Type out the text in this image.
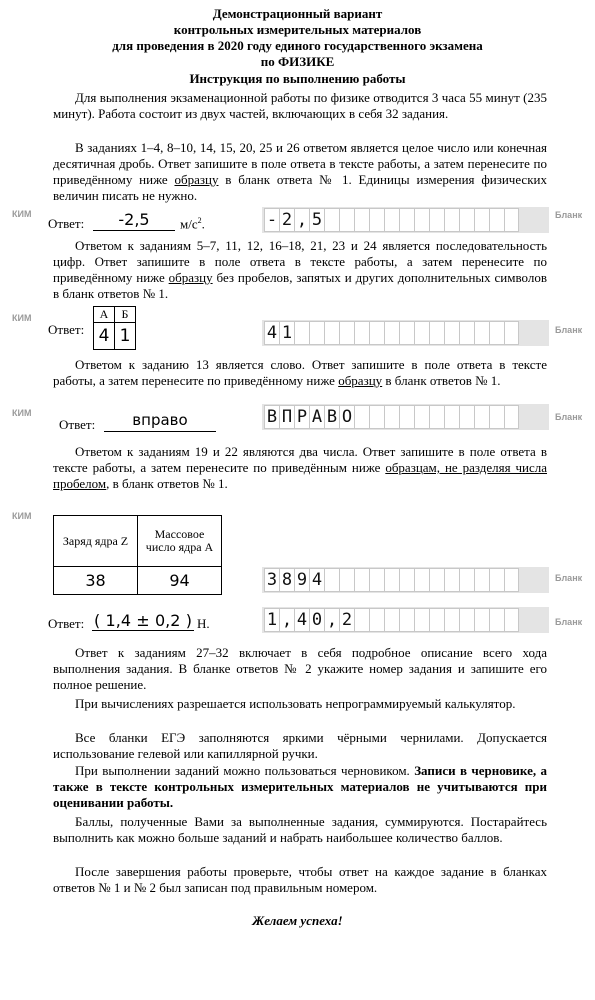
Демонстрационный вариант
контрольных измерительных материалов
для проведения в 2020 году единого государственного экзамена
по ФИЗИКЕ
Инструкция по выполнению работы
Для выполнения экзаменационной работы по физике отводится 3 часа 55 минут (235 минут). Работа состоит из двух частей, включающих в себя 32 задания.
В заданиях 1–4, 8–10, 14, 15, 20, 25 и 26 ответом является целое число или конечная десятичная дробь. Ответ запишите в поле ответа в тексте работы, а затем перенесите по приведённому ниже образцу в бланк ответа № 1. Единицы измерения физических величин писать не нужно.
КИМ
Ответ:	-2,5	$м/с^2$.	- 2 , 5	Бланк
Ответом к заданиям 5–7, 11, 12, 16–18, 21, 23 и 24 является последовательность цифр. Ответ запишите в поле ответа в тексте работы, а затем перенесите по приведённому ниже образцу без пробелов, запятых и других дополнительных символов в бланк ответов № 1.
КИМ
Ответ:
А	Б
4	1	4 1	Бланк
Ответом к заданию 13 является слово. Ответ запишите в поле ответа в тексте работы, а затем перенесите по приведённому ниже образцу в бланк ответов № 1.
КИМ
Ответ:	вправо	В П Р А В О	Бланк
Ответом к заданиям 19 и 22 являются два числа. Ответ запишите в поле ответа в тексте работы, а затем перенесите по приведённым ниже образцам, не разделяя числа пробелом, в бланк ответов № 1.
КИМ
Заряд ядра Z	Массовое число ядра A
38	94	3 8 9 4	Бланк
Ответ: ( 1,4 ± 0,2 ) Н.	1 , 4 0 , 2	Бланк
Ответ к заданиям 27–32 включает в себя подробное описание всего хода выполнения задания. В бланке ответов № 2 укажите номер задания и запишите его полное решение.
При вычислениях разрешается использовать непрограммируемый калькулятор.
Все бланки ЕГЭ заполняются яркими чёрными чернилами. Допускается использование гелевой или капиллярной ручки.
При выполнении заданий можно пользоваться черновиком. Записи в черновике, а также в тексте контрольных измерительных материалов не учитываются при оценивании работы.
Баллы, полученные Вами за выполненные задания, суммируются. Постарайтесь выполнить как можно больше заданий и набрать наибольшее количество баллов.
После завершения работы проверьте, чтобы ответ на каждое задание в бланках ответов № 1 и № 2 был записан под правильным номером.
Желаем успеха!
